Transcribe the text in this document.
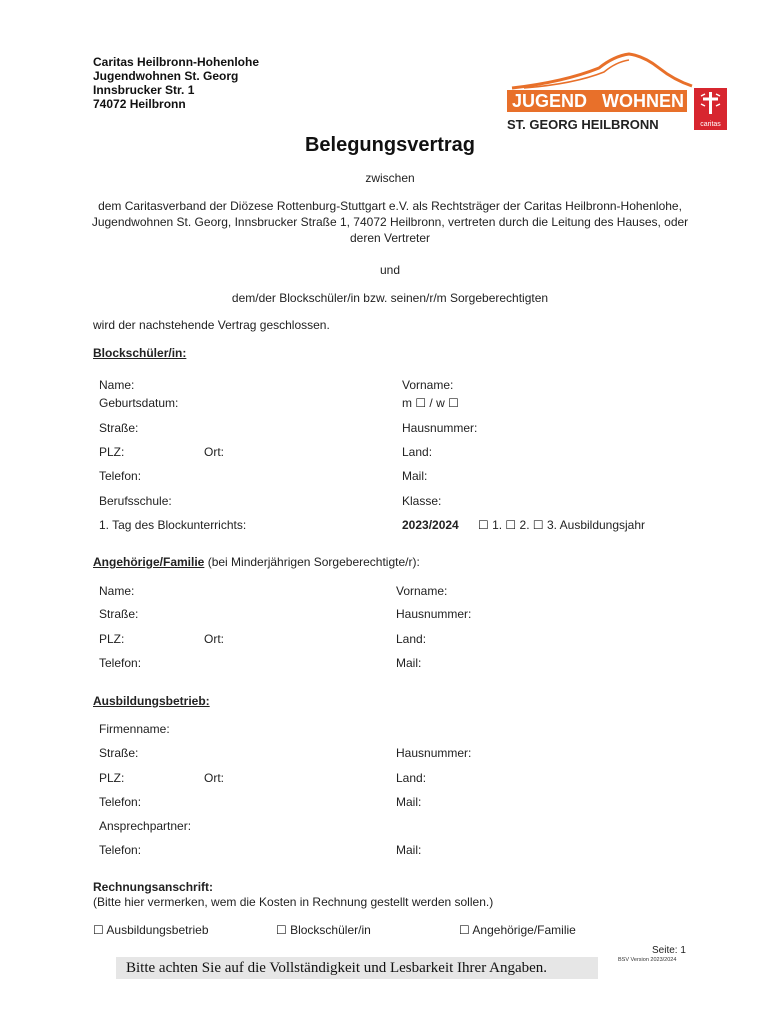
Caritas Heilbronn-Hohenlohe
Jugendwohnen St. Georg
Innsbrucker Str. 1
74072 Heilbronn	JUGEND WOHNEN
ST. GEORG HEILBRONN	caritas
Belegungsvertrag
zwischen
dem Caritasverband der Diözese Rottenburg-Stuttgart e.V. als Rechtsträger der Caritas Heilbronn-Hohenlohe, Jugendwohnen St. Georg, Innsbrucker Straße 1, 74072 Heilbronn, vertreten durch die Leitung des Hauses, oder deren Vertreter
und
dem/der Blockschüler/in bzw. seinen/r/m Sorgeberechtigten
wird der nachstehende Vertrag geschlossen.
Blockschüler/in:
Name:	Vorname:
Geburtsdatum:	m ☐ / w ☐
Straße:	Hausnummer:
PLZ:	Ort:	Land:
Telefon:	Mail:
Berufsschule:	Klasse:
1. Tag des Blockunterrichts:	2023/2024 ☐ 1. ☐ 2. ☐ 3. Ausbildungsjahr
Angehörige/Familie (bei Minderjährigen Sorgeberechtigte/r):
Name:	Vorname:
Straße:	Hausnummer:
PLZ:	Ort:	Land:
Telefon:	Mail:
Ausbildungsbetrieb:
Firmenname:
Straße:	Hausnummer:
PLZ:	Ort:	Land:
Telefon:	Mail:
Ansprechpartner:
Telefon:	Mail:
Rechnungsanschrift:
(Bitte hier vermerken, wem die Kosten in Rechnung gestellt werden sollen.)
☐ Ausbildungsbetrieb	☐ Blockschüler/in	☐ Angehörige/Familie
Seite: 1
BSV Version 2023/2024
Bitte achten Sie auf die Vollständigkeit und Lesbarkeit Ihrer Angaben.
